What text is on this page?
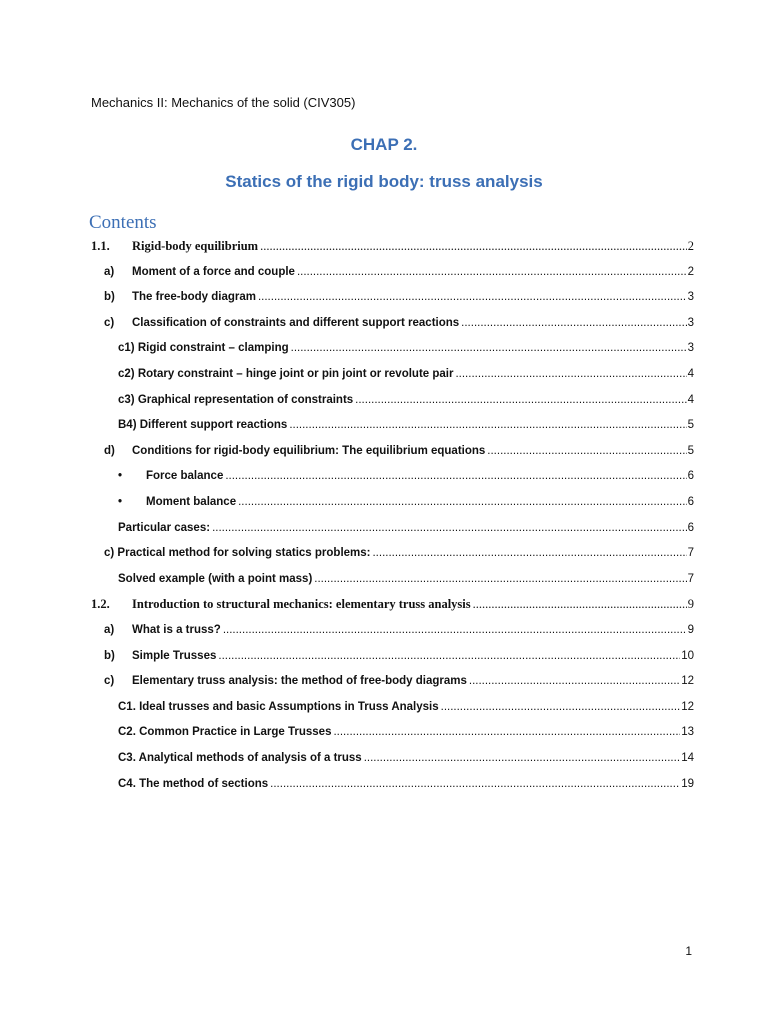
Mechanics II: Mechanics of the solid (CIV305)
CHAP 2.
Statics of the rigid body: truss analysis
Contents
1.1.	Rigid-body equilibrium .....	2
a)	Moment of a force and couple .....	2
b)	The free-body diagram .....	3
c)	Classification of constraints and different support reactions .....	3
c1) Rigid constraint – clamping .....	3
c2) Rotary constraint – hinge joint or pin joint or revolute pair .....	4
c3) Graphical representation of constraints .....	4
B4) Different support reactions .....	5
d)	Conditions for rigid-body equilibrium: The equilibrium equations .....	5
•	Force balance .....	6
•	Moment balance .....	6
Particular cases: .....	6
c) Practical method for solving statics problems: .....	7
Solved example (with a point mass) .....	7
1.2.	Introduction to structural mechanics: elementary truss analysis .....	9
a)	What is a truss? .....	9
b)	Simple Trusses .....	10
c)	Elementary truss analysis: the method of free-body diagrams .....	12
C1. Ideal trusses and basic Assumptions in Truss Analysis .....	12
C2. Common Practice in Large Trusses .....	13
C3. Analytical methods of analysis of a truss .....	14
C4. The method of sections .....	19
1
